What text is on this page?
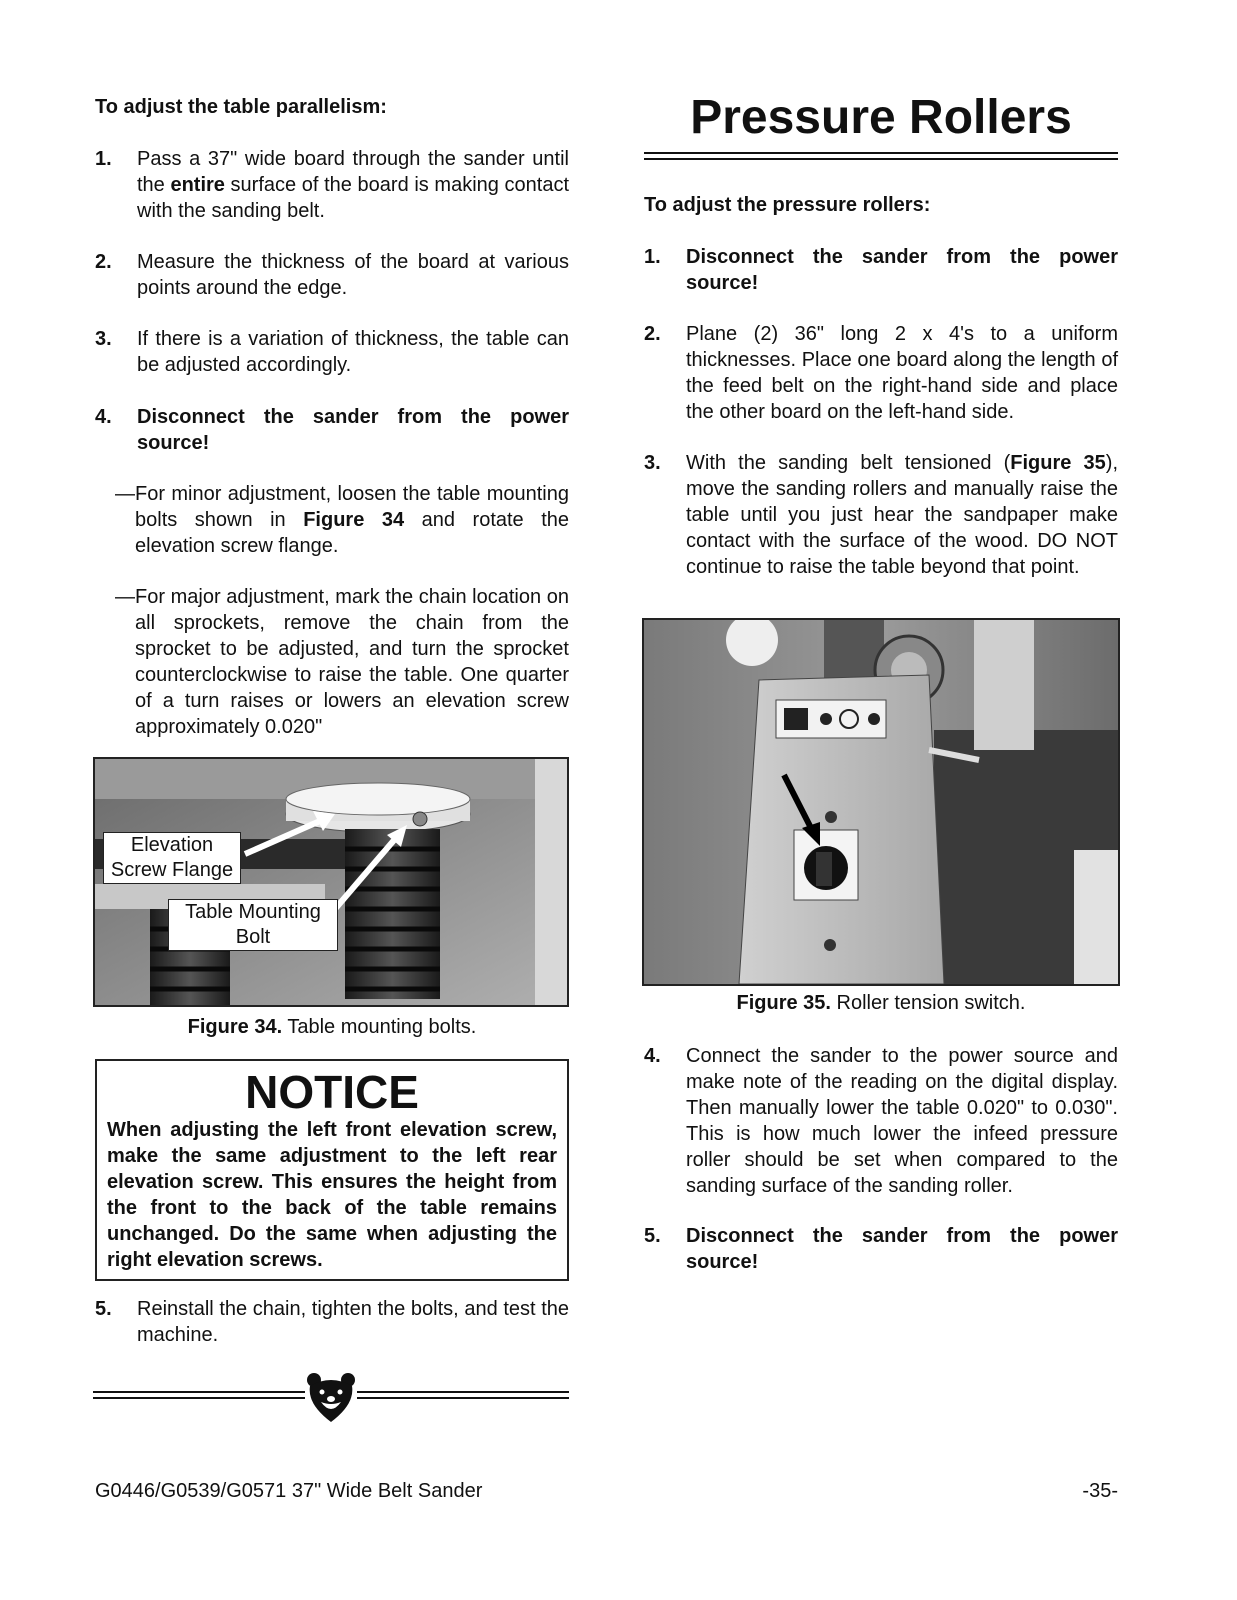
To adjust the table parallelism:
1.	Pass a 37" wide board through the sander until the entire surface of the board is making contact with the sanding belt.
2.	Measure the thickness of the board at various points around the edge.
3.	If there is a variation of thickness, the table can be adjusted accordingly.
4.	Disconnect the sander from the power source!
— For minor adjustment, loosen the table mounting bolts shown in Figure 34 and rotate the elevation screw flange.
— For major adjustment, mark the chain location on all sprockets, remove the chain from the sprocket to be adjusted, and turn the sprocket counterclockwise to raise the table. One quarter of a turn raises or lowers an elevation screw approximately 0.020"
Elevation Screw Flange
Table Mounting Bolt
Figure 34. Table mounting bolts.
NOTICE
When adjusting the left front elevation screw, make the same adjustment to the left rear elevation screw. This ensures the height from the front to the back of the table remains unchanged. Do the same when adjusting the right elevation screws.
5.	Reinstall the chain, tighten the bolts, and test the machine.
Pressure Rollers
To adjust the pressure rollers:
1.	Disconnect the sander from the power source!
2.	Plane (2) 36" long 2 x 4's to a uniform thicknesses. Place one board along the length of the feed belt on the right-hand side and place the other board on the left-hand side.
3.	With the sanding belt tensioned (Figure 35), move the sanding rollers and manually raise the table until you just hear the sandpaper make contact with the surface of the wood. DO NOT continue to raise the table beyond that point.
Figure 35. Roller tension switch.
4.	Connect the sander to the power source and make note of the reading on the digital display. Then manually lower the table 0.020" to 0.030". This is how much lower the infeed pressure roller should be set when compared to the sanding surface of the sanding roller.
5.	Disconnect the sander from the power source!
G0446/G0539/G0571 37" Wide Belt Sander	-35-
